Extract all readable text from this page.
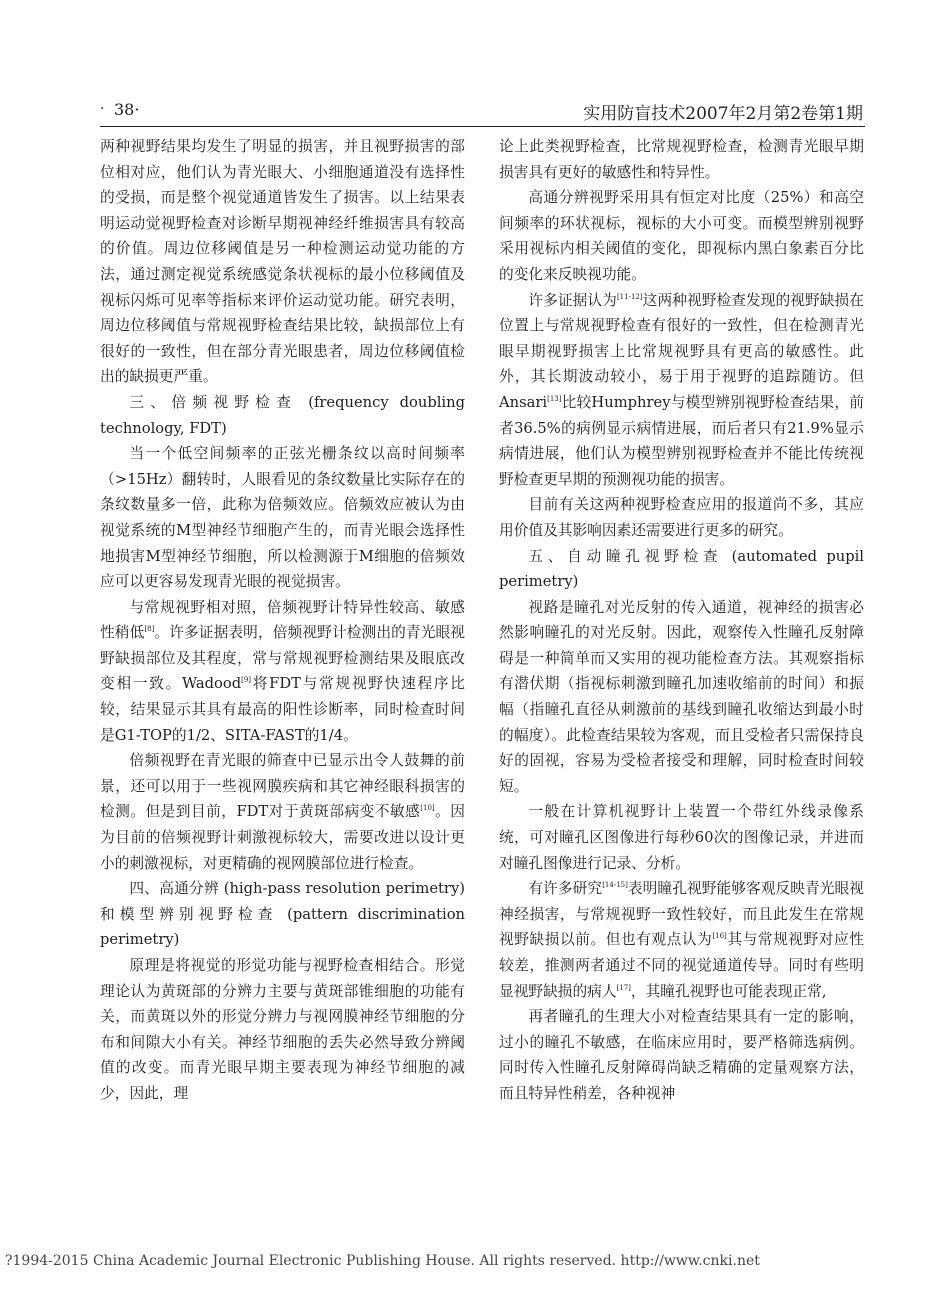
· 38·	实用防盲技术2007年2月第2卷第1期

两种视野结果均发生了明显的损害，并且视野损害的部位相对应，他们认为青光眼大、小细胞通道没有选择性的受损，而是整个视觉通道皆发生了损害。以上结果表明运动觉视野检查对诊断早期视神经纤维损害具有较高的价值。周边位移阈值是另一种检测运动觉功能的方法，通过测定视觉系统感觉条状视标的最小位移阈值及视标闪烁可见率等指标来评价运动觉功能。研究表明，周边位移阈值与常规视野检查结果比较，缺损部位上有很好的一致性，但在部分青光眼患者，周边位移阈值检出的缺损更严重。

三、倍频视野检查 (frequency doubling technology, FDT)

当一个低空间频率的正弦光栅条纹以高时间频率（>15Hz）翻转时，人眼看见的条纹数量比实际存在的条纹数量多一倍，此称为倍频效应。倍频效应被认为由视觉系统的M型神经节细胞产生的，而青光眼会选择性地损害M型神经节细胞，所以检测源于M细胞的倍频效应可以更容易发现青光眼的视觉损害。

与常规视野相对照，倍频视野计特异性较高、敏感性稍低[8]。许多证据表明，倍频视野计检测出的青光眼视野缺损部位及其程度，常与常规视野检测结果及眼底改变相一致。Wadood[9]将FDT与常规视野快速程序比较，结果显示其具有最高的阳性诊断率，同时检查时间是G1-TOP的1/2、SITA-FAST的1/4。

倍频视野在青光眼的筛查中已显示出令人鼓舞的前景，还可以用于一些视网膜疾病和其它神经眼科损害的检测。但是到目前，FDT对于黄斑部病变不敏感[10]。因为目前的倍频视野计刺激视标较大，需要改进以设计更小的刺激视标，对更精确的视网膜部位进行检查。

四、高通分辨 (high-pass resolution perimetry) 和模型辨别视野检查 (pattern discrimination perimetry)

原理是将视觉的形觉功能与视野检查相结合。形觉理论认为黄斑部的分辨力主要与黄斑部锥细胞的功能有关，而黄斑以外的形觉分辨力与视网膜神经节细胞的分布和间隙大小有关。神经节细胞的丢失必然导致分辨阈值的改变。而青光眼早期主要表现为神经节细胞的减少，因此，理

论上此类视野检查，比常规视野检查，检测青光眼早期损害具有更好的敏感性和特异性。

高通分辨视野采用具有恒定对比度（25%）和高空间频率的环状视标，视标的大小可变。而模型辨别视野采用视标内相关阈值的变化，即视标内黑白象素百分比的变化来反映视功能。

许多证据认为[11-12]这两种视野检查发现的视野缺损在位置上与常规视野检查有很好的一致性，但在检测青光眼早期视野损害上比常规视野具有更高的敏感性。此外，其长期波动较小，易于用于视野的追踪随访。但Ansari[13]比较Humphrey与模型辨别视野检查结果，前者36.5%的病例显示病情进展，而后者只有21.9%显示病情进展，他们认为模型辨别视野检查并不能比传统视野检查更早期的预测视功能的损害。

目前有关这两种视野检查应用的报道尚不多，其应用价值及其影响因素还需要进行更多的研究。

五、自动瞳孔视野检查 (automated pupil perimetry)

视路是瞳孔对光反射的传入通道，视神经的损害必然影响瞳孔的对光反射。因此，观察传入性瞳孔反射障碍是一种简单而又实用的视功能检查方法。其观察指标有潜伏期（指视标刺激到瞳孔加速收缩前的时间）和振幅（指瞳孔直径从刺激前的基线到瞳孔收缩达到最小时的幅度）。此检查结果较为客观，而且受检者只需保持良好的固视，容易为受检者接受和理解，同时检查时间较短。

一般在计算机视野计上装置一个带红外线录像系统，可对瞳孔区图像进行每秒60次的图像记录，并进而对瞳孔图像进行记录、分析。

有许多研究[14-15]表明瞳孔视野能够客观反映青光眼视神经损害，与常规视野一致性较好，而且此发生在常规视野缺损以前。但也有观点认为[16]其与常规视野对应性较差，推测两者通过不同的视觉通道传导。同时有些明显视野缺损的病人[17]，其瞳孔视野也可能表现正常,

再者瞳孔的生理大小对检查结果具有一定的影响，过小的瞳孔不敏感，在临床应用时，要严格筛选病例。同时传入性瞳孔反射障碍尚缺乏精确的定量观察方法，而且特异性稍差，各种视神

?1994-2015 China Academic Journal Electronic Publishing House. All rights reserved. http://www.cnki.net
